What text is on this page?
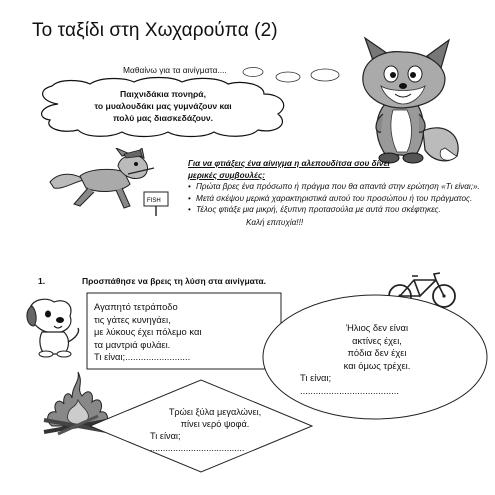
Το ταξίδι στη Χωχαρούπα (2)
Μαθαίνω για τα αινίγματα....
Παιχνιδάκια πονηρά,
το μυαλουδάκι μας γυμνάζουν και
πολύ μας διασκεδάζουν.
FISH
Για να φτιάξεις ένα αίνιγμα η αλεπουδίτσα σου δίνει
μερικές συμβουλές:
• Πρώτα βρες ένα πρόσωπο ή πράγμα που θα απαντά στην ερώτηση «Τι είναι;».
• Μετά σκέψου μερικά χαρακτηριστικά αυτού του προσώπου ή του πράγματος.
• Τέλος φτιάξε μια μικρή, έξυπνη προτασούλα με αυτά που σκέφτηκες.
Καλή επιτυχία!!!
1.	Προσπάθησε να βρεις τη λύση στα αινίγματα.
Αγαπητό τετράποδο
τις γάτες κυνηγάει,
με λύκους έχει πόλεμο και
τα μαντριά φυλάει.
Τι είναι;.........................
Ήλιος δεν είναι
ακτίνες έχει,
πόδια δεν έχει
και όμως τρέχει.
Τι είναι;
......................................
Τρώει ξύλα μεγαλώνει,
πίνει νερό ψοφά.
Τι είναι;
.....................................
